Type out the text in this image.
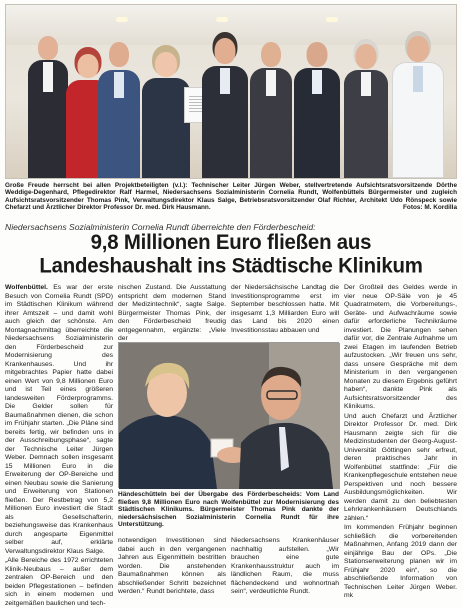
Große Freude herrscht bei allen Projektbeteiligten (v.l.): Technischer Leiter Jürgen Weber, stellvertretende Aufsichtsratsvorsitzende Dörthe Weddige-Degenhard, Pflegedirektor Ralf Harmel, Niedersachsens Sozialministerin Cornelia Rundt, Wolfenbüttels Bürgermeister und zugleich Aufsichtsratsvorsitzender Thomas Pink, Verwaltungsdirektor Klaus Salge, Betriebsratsvorsitzender Olaf Richter, Architekt Udo Rönspeck sowie Chefarzt und Ärztlicher Direktor Professor Dr. med. Dirk Hausmann.	Fotos: M. Kordilla
Niedersachsens Sozialministerin Cornelia Rundt überreichte den Förderbescheid:
9,8 Millionen Euro fließen aus
Landeshaushalt ins Städtische Klinikum

Wolfenbüttel. Es war der erste Besuch von Cornelia Rundt (SPD) im Städtischen Klinikum während ihrer Amtszeit – und damit wohl auch gleich der schönste. Am Montagnachmittag überreichte die Niedersachsens Sozialministerin den Förderbescheid zur Modernisierung des Krankenhauses. Und ihr mitgebrachtes Papier hatte dabei einen Wert von 9,8 Millionen Euro und ist Teil eines größeren landesweiten Förderprogramms. Die Gelder sollen für Baumaßnahmen dienen, die schon im Frühjahr starten. „Die Pläne sind bereits fertig, wir befinden uns in der Ausschreibungsphase“, sagte der Technische Leiter Jürgen Weber. Demnach sollen insgesamt 15 Millionen Euro in die Erweiterung der OP-Bereiche und einen Neubau sowie die Sanierung und Erweiterung von Stationen fließen. Der Restbetrag von 5,2 Millionen Euro investiert die Stadt als Gesellschafterin, beziehungsweise das Krankenhaus durch angesparte Eigenmittel selber auf, erklärte Verwaltungsdirektor Klaus Salge.

„Alle Bereiche des 1972 errichteten Klinik-Neubaus – außer dem zentralen OP-Bereich und den beiden Pflegestationen – befinden sich in einem modernen und zeitgemäßen baulichen und tech-

nischen Zustand. Die Ausstattung entspricht dem modernen Stand der Medizintechnik“, sagte Salge. Bürgermeister Thomas Pink, der den Förderbescheid freudig entgegennahm, ergänzte: „Viele der

der Niedersächsische Landtag die Investitionsprogramme erst im September beschlossen hatte. Mit insgesamt 1,3 Milliarden Euro will das Land bis 2020 einen Investitionsstau abbauen und

Händeschütteln bei der Übergabe des Förderbescheids: Vom Land fließen 9,8 Millionen Euro nach Wolfenbüttel zur Modernisierung des Städtischen Klinikums. Bürgermeister Thomas Pink dankte der niedersächsischen Sozialministerin Cornelia Rundt für ihre Unterstützung.

notwendigen Investitionen sind dabei auch in den vergangenen Jahren aus Eigenmitteln bestritten worden. Die anstehenden Baumaßnahmen können als abschließender Schritt bezeichnet werden.“ Rundt berichtete, dass

Niedersachsens Krankenhäuser nachhaltig aufstellen. „Wir brauchen eine gute Krankenhausstruktur auch im ländlichen Raum, die muss flächendeckend und wohnortnah sein“, verdeutlichte Rundt.

Der Großteil des Geldes werde in vier neue OP-Säle von je 45 Quadratmetern, die Vorbereitungs-, Geräte- und Aufwachräume sowie dafür erforderliche Technikräume investiert. Die Planungen sehen dafür vor, die Zentrale Aufnahme um zwei Etagen im laufenden Betrieb aufzustocken. „Wir freuen uns sehr, dass unsere Gespräche mit dem Ministerium in den vergangenen Monaten zu diesem Ergebnis geführt haben“, dankte Pink als Aufsichtsratsvorsitzender des Klinikums.

Und auch Chefarzt und Ärztlicher Direktor Professor Dr. med. Dirk Hausmann zeigte sich für die Medizinstudenten der Georg-August-Universität Göttingen sehr erfreut, deren praktisches Jahr in Wolfenbüttel stattfinde: „Für die Krankenpflegeschule entstehen neue Perspektiven und noch bessere Ausbildungsmöglichkeiten. Wir werden damit zu den beliebtesten Lehrkrankenhäusern Deutschlands zählen.“

Im kommenden Frühjahr beginnen schließlich die vorbereitenden Maßnahmen, Anfang 2019 dann der einjährige Bau der OPs. „Die Stationserweiterung planen wir im Frühjahr 2020 ein“, so die abschließende Information von Technischen Leiter Jürgen Weber. mk
